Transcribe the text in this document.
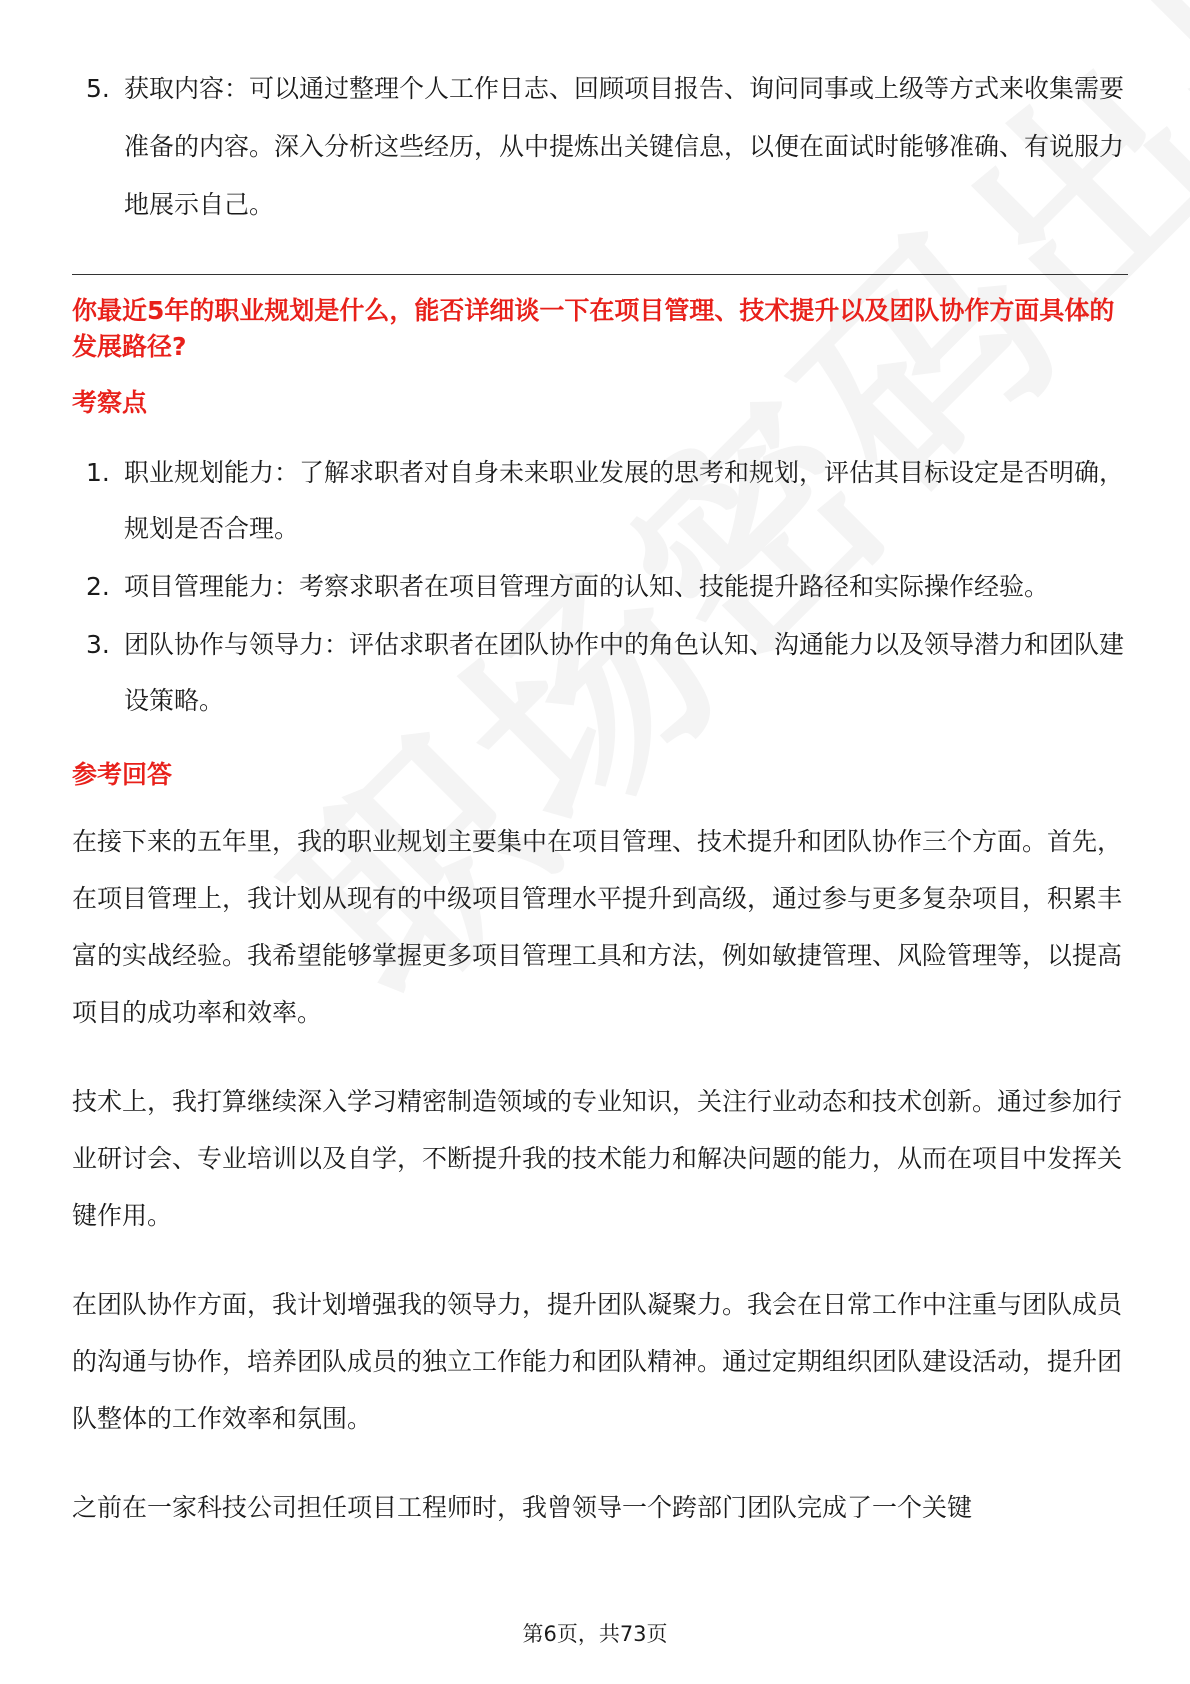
5. 获取内容：可以通过整理个人工作日志、回顾项目报告、询问同事或上级等方式来收集需要准备的内容。深入分析这些经历，从中提炼出关键信息，以便在面试时能够准确、有说服力地展示自己。

你最近5年的职业规划是什么，能否详细谈一下在项目管理、技术提升以及团队协作方面具体的发展路径?

考察点
1. 职业规划能力：了解求职者对自身未来职业发展的思考和规划，评估其目标设定是否明确，规划是否合理。
2. 项目管理能力：考察求职者在项目管理方面的认知、技能提升路径和实际操作经验。
3. 团队协作与领导力：评估求职者在团队协作中的角色认知、沟通能力以及领导潜力和团队建设策略。
参考回答

在接下来的五年里，我的职业规划主要集中在项目管理、技术提升和团队协作三个方面。首先，在项目管理上，我计划从现有的中级项目管理水平提升到高级，通过参与更多复杂项目，积累丰富的实战经验。我希望能够掌握更多项目管理工具和方法，例如敏捷管理、风险管理等，以提高项目的成功率和效率。

技术上，我打算继续深入学习精密制造领域的专业知识，关注行业动态和技术创新。通过参加行业研讨会、专业培训以及自学，不断提升我的技术能力和解决问题的能力，从而在项目中发挥关键作用。

在团队协作方面，我计划增强我的领导力，提升团队凝聚力。我会在日常工作中注重与团队成员的沟通与协作，培养团队成员的独立工作能力和团队精神。通过定期组织团队建设活动，提升团队整体的工作效率和氛围。

之前在一家科技公司担任项目工程师时，我曾领导一个跨部门团队完成了一个关键

第6页，共73页
